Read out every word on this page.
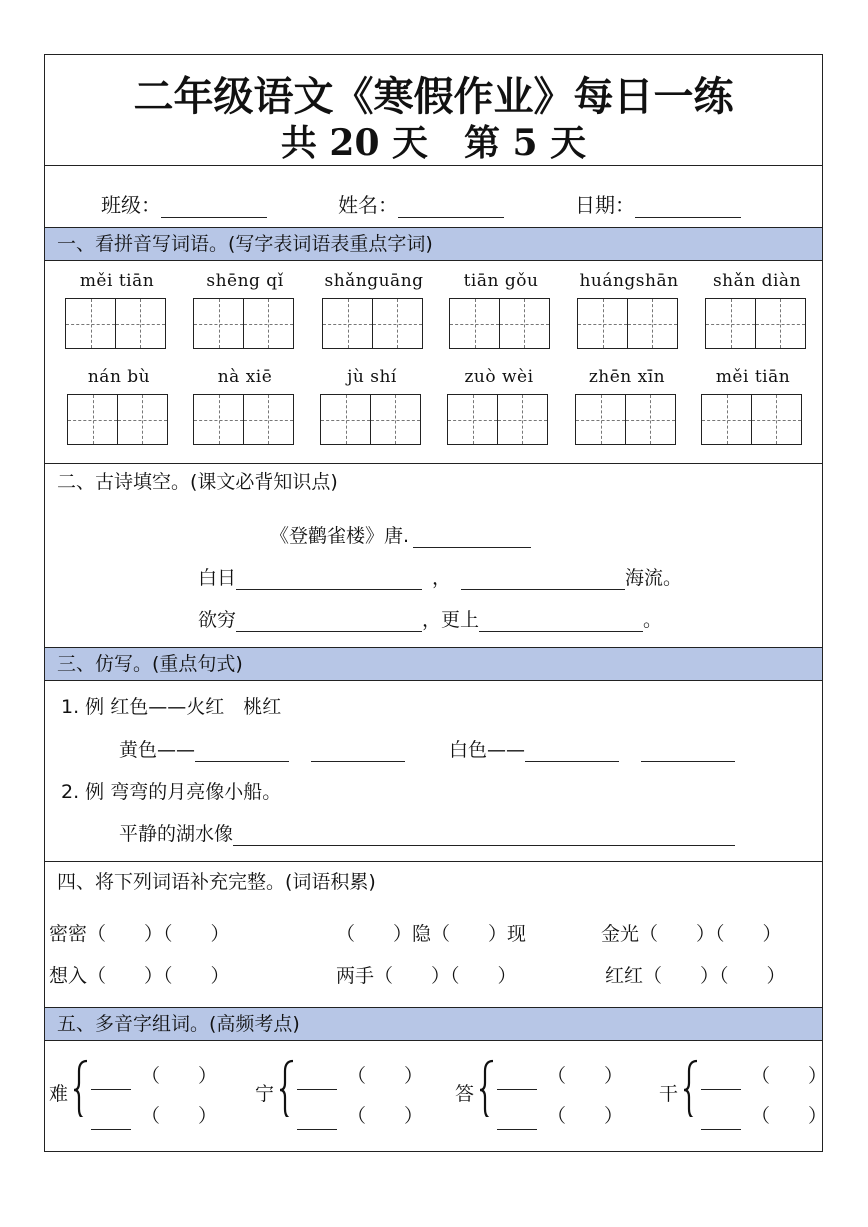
二年级语文《寒假作业》每日一练
共 20 天　第 5 天
班级：	姓名：	日期：
一、看拼音写词语。(写字表词语表重点字词)
měi tiān	shēng qǐ	shǎnguāng	tiān gǒu	huángshān	shǎn diàn
nán bù	nà xiē	jù shí	zuò wèi	zhēn xīn	měi tiān
二、古诗填空。(课文必背知识点)
《登鹳雀楼》唐.
白日	，	海流。
欲穷	，更上	。
三、仿写。(重点句式)
1. 例 红色——火红　桃红
黄色——	白色——
2. 例 弯弯的月亮像小船。
平静的湖水像
四、将下列词语补充完整。(词语积累)
密密（　　）（　　）	（　　）隐（　　）现	金光（　　）（　　）
想入（　　）（　　）	两手（　　）（　　）	红红（　　）（　　）
五、多音字组词。(高频考点)
难
（　　）
（　　）
宁
（　　）
（　　）
答
（　　）
（　　）
干
（　　）
（　　）
